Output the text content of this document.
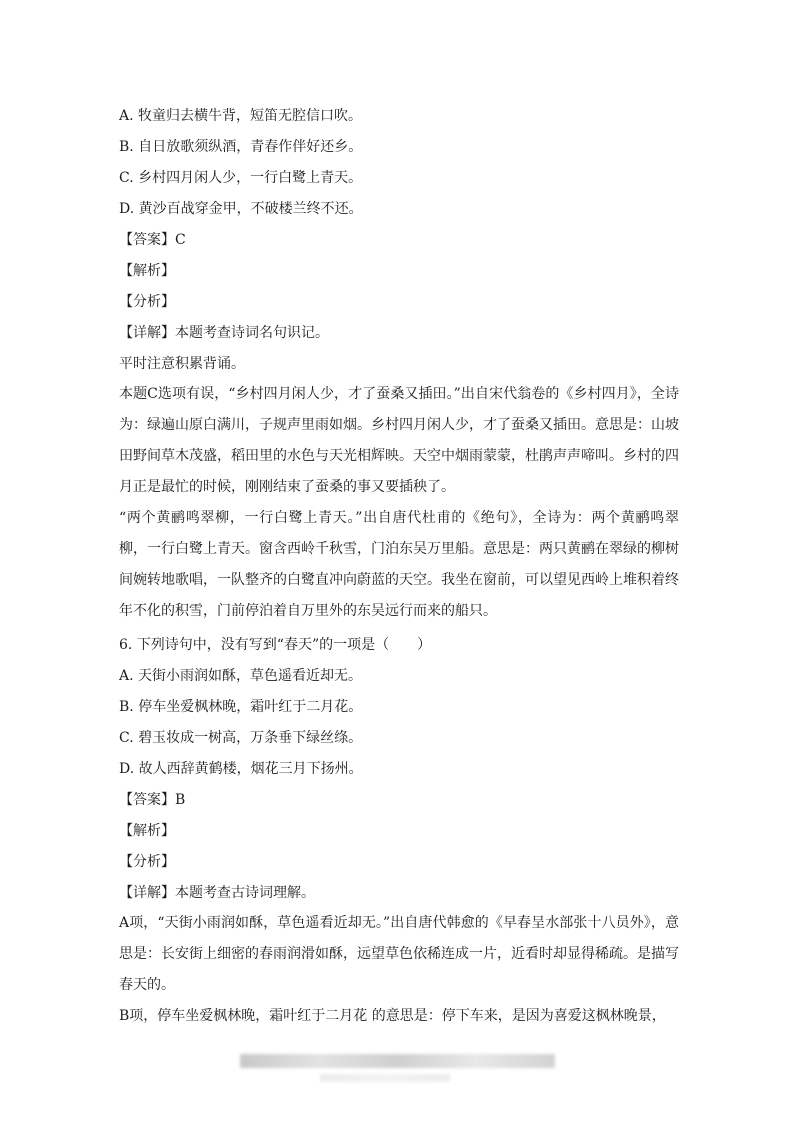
A. 牧童归去横牛背，短笛无腔信口吹。
B. 自日放歌须纵酒，青春作伴好还乡。
C. 乡村四月闲人少，一行白鹭上青天。
D. 黄沙百战穿金甲，不破楼兰终不还。
【答案】C
【解析】
【分析】
【详解】本题考查诗词名句识记。
平时注意积累背诵。

本题C选项有误，“乡村四月闲人少，才了蚕桑又插田。”出自宋代翁卷的《乡村四月》，全诗为：绿遍山原白满川，子规声里雨如烟。乡村四月闲人少，才了蚕桑又插田。意思是：山坡田野间草木茂盛，稻田里的水色与天光相辉映。天空中烟雨蒙蒙，杜鹃声声啼叫。乡村的四月正是最忙的时候，刚刚结束了蚕桑的事又要插秧了。

“两个黄鹂鸣翠柳，一行白鹭上青天。”出自唐代杜甫的《绝句》，全诗为：两个黄鹂鸣翠柳，一行白鹭上青天。窗含西岭千秋雪，门泊东吴万里船。意思是：两只黄鹂在翠绿的柳树间婉转地歌唱，一队整齐的白鹭直冲向蔚蓝的天空。我坐在窗前，可以望见西岭上堆积着终年不化的积雪，门前停泊着自万里外的东吴远行而来的船只。

6. 下列诗句中，没有写到“春天”的一项是（　　）
A. 天街小雨润如酥，草色遥看近却无。
B. 停车坐爱枫林晚，霜叶红于二月花。
C. 碧玉妆成一树高，万条垂下绿丝绦。
D. 故人西辞黄鹤楼，烟花三月下扬州。
【答案】B
【解析】
【分析】
【详解】本题考查古诗词理解。

A项，“天街小雨润如酥，草色遥看近却无。”出自唐代韩愈的《早春呈水部张十八员外》，意思是：长安街上细密的春雨润滑如酥，远望草色依稀连成一片，近看时却显得稀疏。是描写春天的。

B项，停车坐爱枫林晚，霜叶红于二月花 的意思是：停下车来，是因为喜爱这枫林晚景，
